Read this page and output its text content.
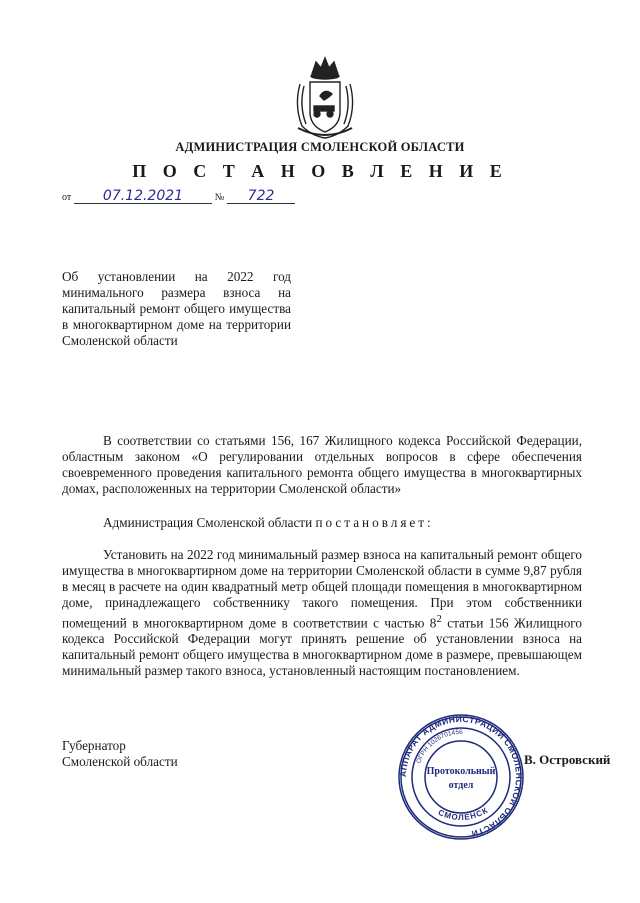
АДМИНИСТРАЦИЯ СМОЛЕНСКОЙ ОБЛАСТИ
П О С Т А Н О В Л Е Н И Е
от 07.12.2021	№ 722
Об установлении на 2022 год минимального размера взноса на капитальный ремонт общего имущества в многоквартирном доме на территории Смоленской области
В соответствии со статьями 156, 167 Жилищного кодекса Российской Федерации, областным законом «О регулировании отдельных вопросов в сфере обеспечения своевременного проведения капитального ремонта общего имущества в многоквартирных домах, расположенных на территории Смоленской области»
Администрация Смоленской области постановляет:
Установить на 2022 год минимальный размер взноса на капитальный ремонт общего имущества в многоквартирном доме на территории Смоленской области в сумме 9,87 рубля в месяц в расчете на один квадратный метр общей площади помещения в многоквартирном доме, принадлежащего собственнику такого помещения. При этом собственники помещений в многоквартирном доме в соответствии с частью $8^2$ статьи 156 Жилищного кодекса Российской Федерации могут принять решение об установлении взноса на капитальный ремонт общего имущества в многоквартирном доме в размере, превышающем минимальный размер такого взноса, установленный настоящим постановлением.
Губернатор
Смоленской области
АППАРАТ АДМИНИСТРАЦИИ СМОЛЕНСКОЙ ОБЛАСТИ
ОГРН 1026701456
СМОЛЕНСК
Протокольный
отдел
В. Островский
